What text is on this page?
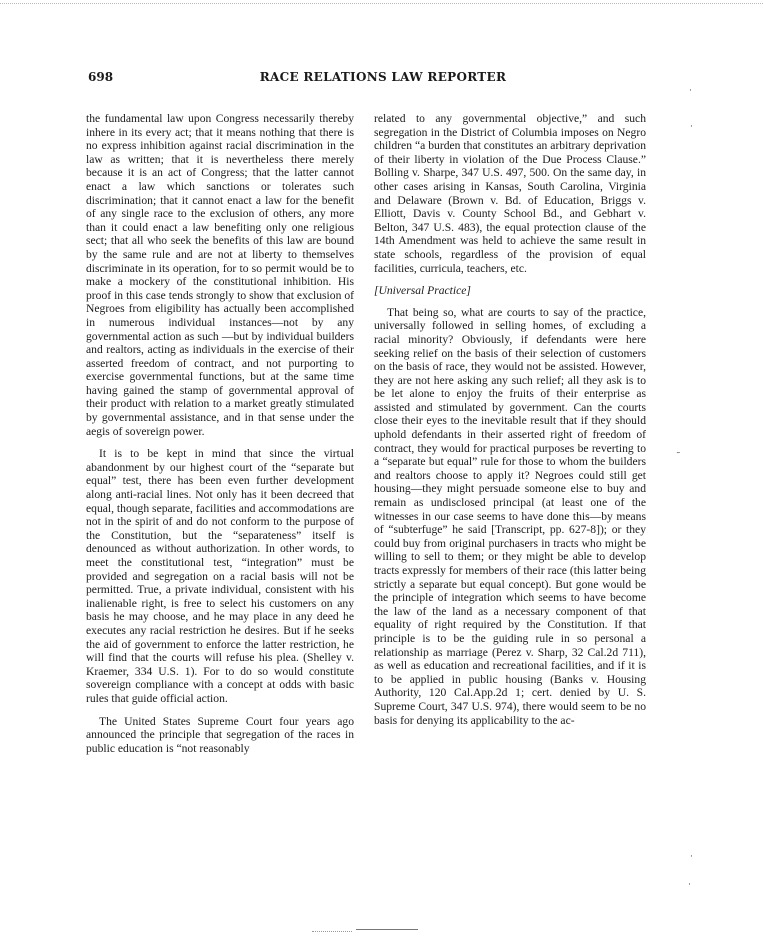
698	RACE RELATIONS LAW REPORTER

the fundamental law upon Congress necessarily thereby inhere in its every act; that it means nothing that there is no express inhibition against racial discrimination in the law as written; that it is nevertheless there merely because it is an act of Congress; that the latter cannot enact a law which sanctions or tolerates such discrimination; that it cannot enact a law for the benefit of any single race to the exclusion of others, any more than it could enact a law benefiting only one religious sect; that all who seek the benefits of this law are bound by the same rule and are not at liberty to themselves discriminate in its operation, for to so permit would be to make a mockery of the constitutional inhibition. His proof in this case tends strongly to show that exclusion of Negroes from eligibility has actually been accomplished in numerous individual instances—not by any governmental action as such —but by individual builders and realtors, acting as individuals in the exercise of their asserted freedom of contract, and not purporting to exercise governmental functions, but at the same time having gained the stamp of governmental approval of their product with relation to a market greatly stimulated by governmental assistance, and in that sense under the aegis of sovereign power.

It is to be kept in mind that since the virtual abandonment by our highest court of the “separate but equal” test, there has been even further development along anti-racial lines. Not only has it been decreed that equal, though separate, facilities and accommodations are not in the spirit of and do not conform to the purpose of the Constitution, but the “separateness” itself is denounced as without authorization. In other words, to meet the constitutional test, “integration” must be provided and segregation on a racial basis will not be permitted. True, a private individual, consistent with his inalienable right, is free to select his customers on any basis he may choose, and he may place in any deed he executes any racial restriction he desires. But if he seeks the aid of government to enforce the latter restriction, he will find that the courts will refuse his plea. (Shelley v. Kraemer, 334 U.S. 1). For to do so would constitute sovereign compliance with a concept at odds with basic rules that guide official action.

The United States Supreme Court four years ago announced the principle that segregation of the races in public education is “not reasonably

related to any governmental objective,” and such segregation in the District of Columbia imposes on Negro children “a burden that constitutes an arbitrary deprivation of their liberty in violation of the Due Process Clause.” Bolling v. Sharpe, 347 U.S. 497, 500. On the same day, in other cases arising in Kansas, South Carolina, Virginia and Delaware (Brown v. Bd. of Education, Briggs v. Elliott, Davis v. County School Bd., and Gebhart v. Belton, 347 U.S. 483), the equal protection clause of the 14th Amendment was held to achieve the same result in state schools, regardless of the provision of equal facilities, curricula, teachers, etc.

[Universal Practice]

That being so, what are courts to say of the practice, universally followed in selling homes, of excluding a racial minority? Obviously, if defendants were here seeking relief on the basis of their selection of customers on the basis of race, they would not be assisted. However, they are not here asking any such relief; all they ask is to be let alone to enjoy the fruits of their enterprise as assisted and stimulated by government. Can the courts close their eyes to the inevitable result that if they should uphold defendants in their asserted right of freedom of contract, they would for practical purposes be reverting to a “separate but equal” rule for those to whom the builders and realtors choose to apply it? Negroes could still get housing—they might persuade someone else to buy and remain as undisclosed principal (at least one of the witnesses in our case seems to have done this—by means of “subterfuge” he said [Transcript, pp. 627-8]); or they could buy from original purchasers in tracts who might be willing to sell to them; or they might be able to develop tracts expressly for members of their race (this latter being strictly a separate but equal concept). But gone would be the principle of integration which seems to have become the law of the land as a necessary component of that equality of right required by the Constitution. If that principle is to be the guiding rule in so personal a relationship as marriage (Perez v. Sharp, 32 Cal.2d 711), as well as education and recreational facilities, and if it is to be applied in public housing (Banks v. Housing Authority, 120 Cal.App.2d 1; cert. denied by U. S. Supreme Court, 347 U.S. 974), there would seem to be no basis for denying its applicability to the ac-

·
·
˜
·
·
